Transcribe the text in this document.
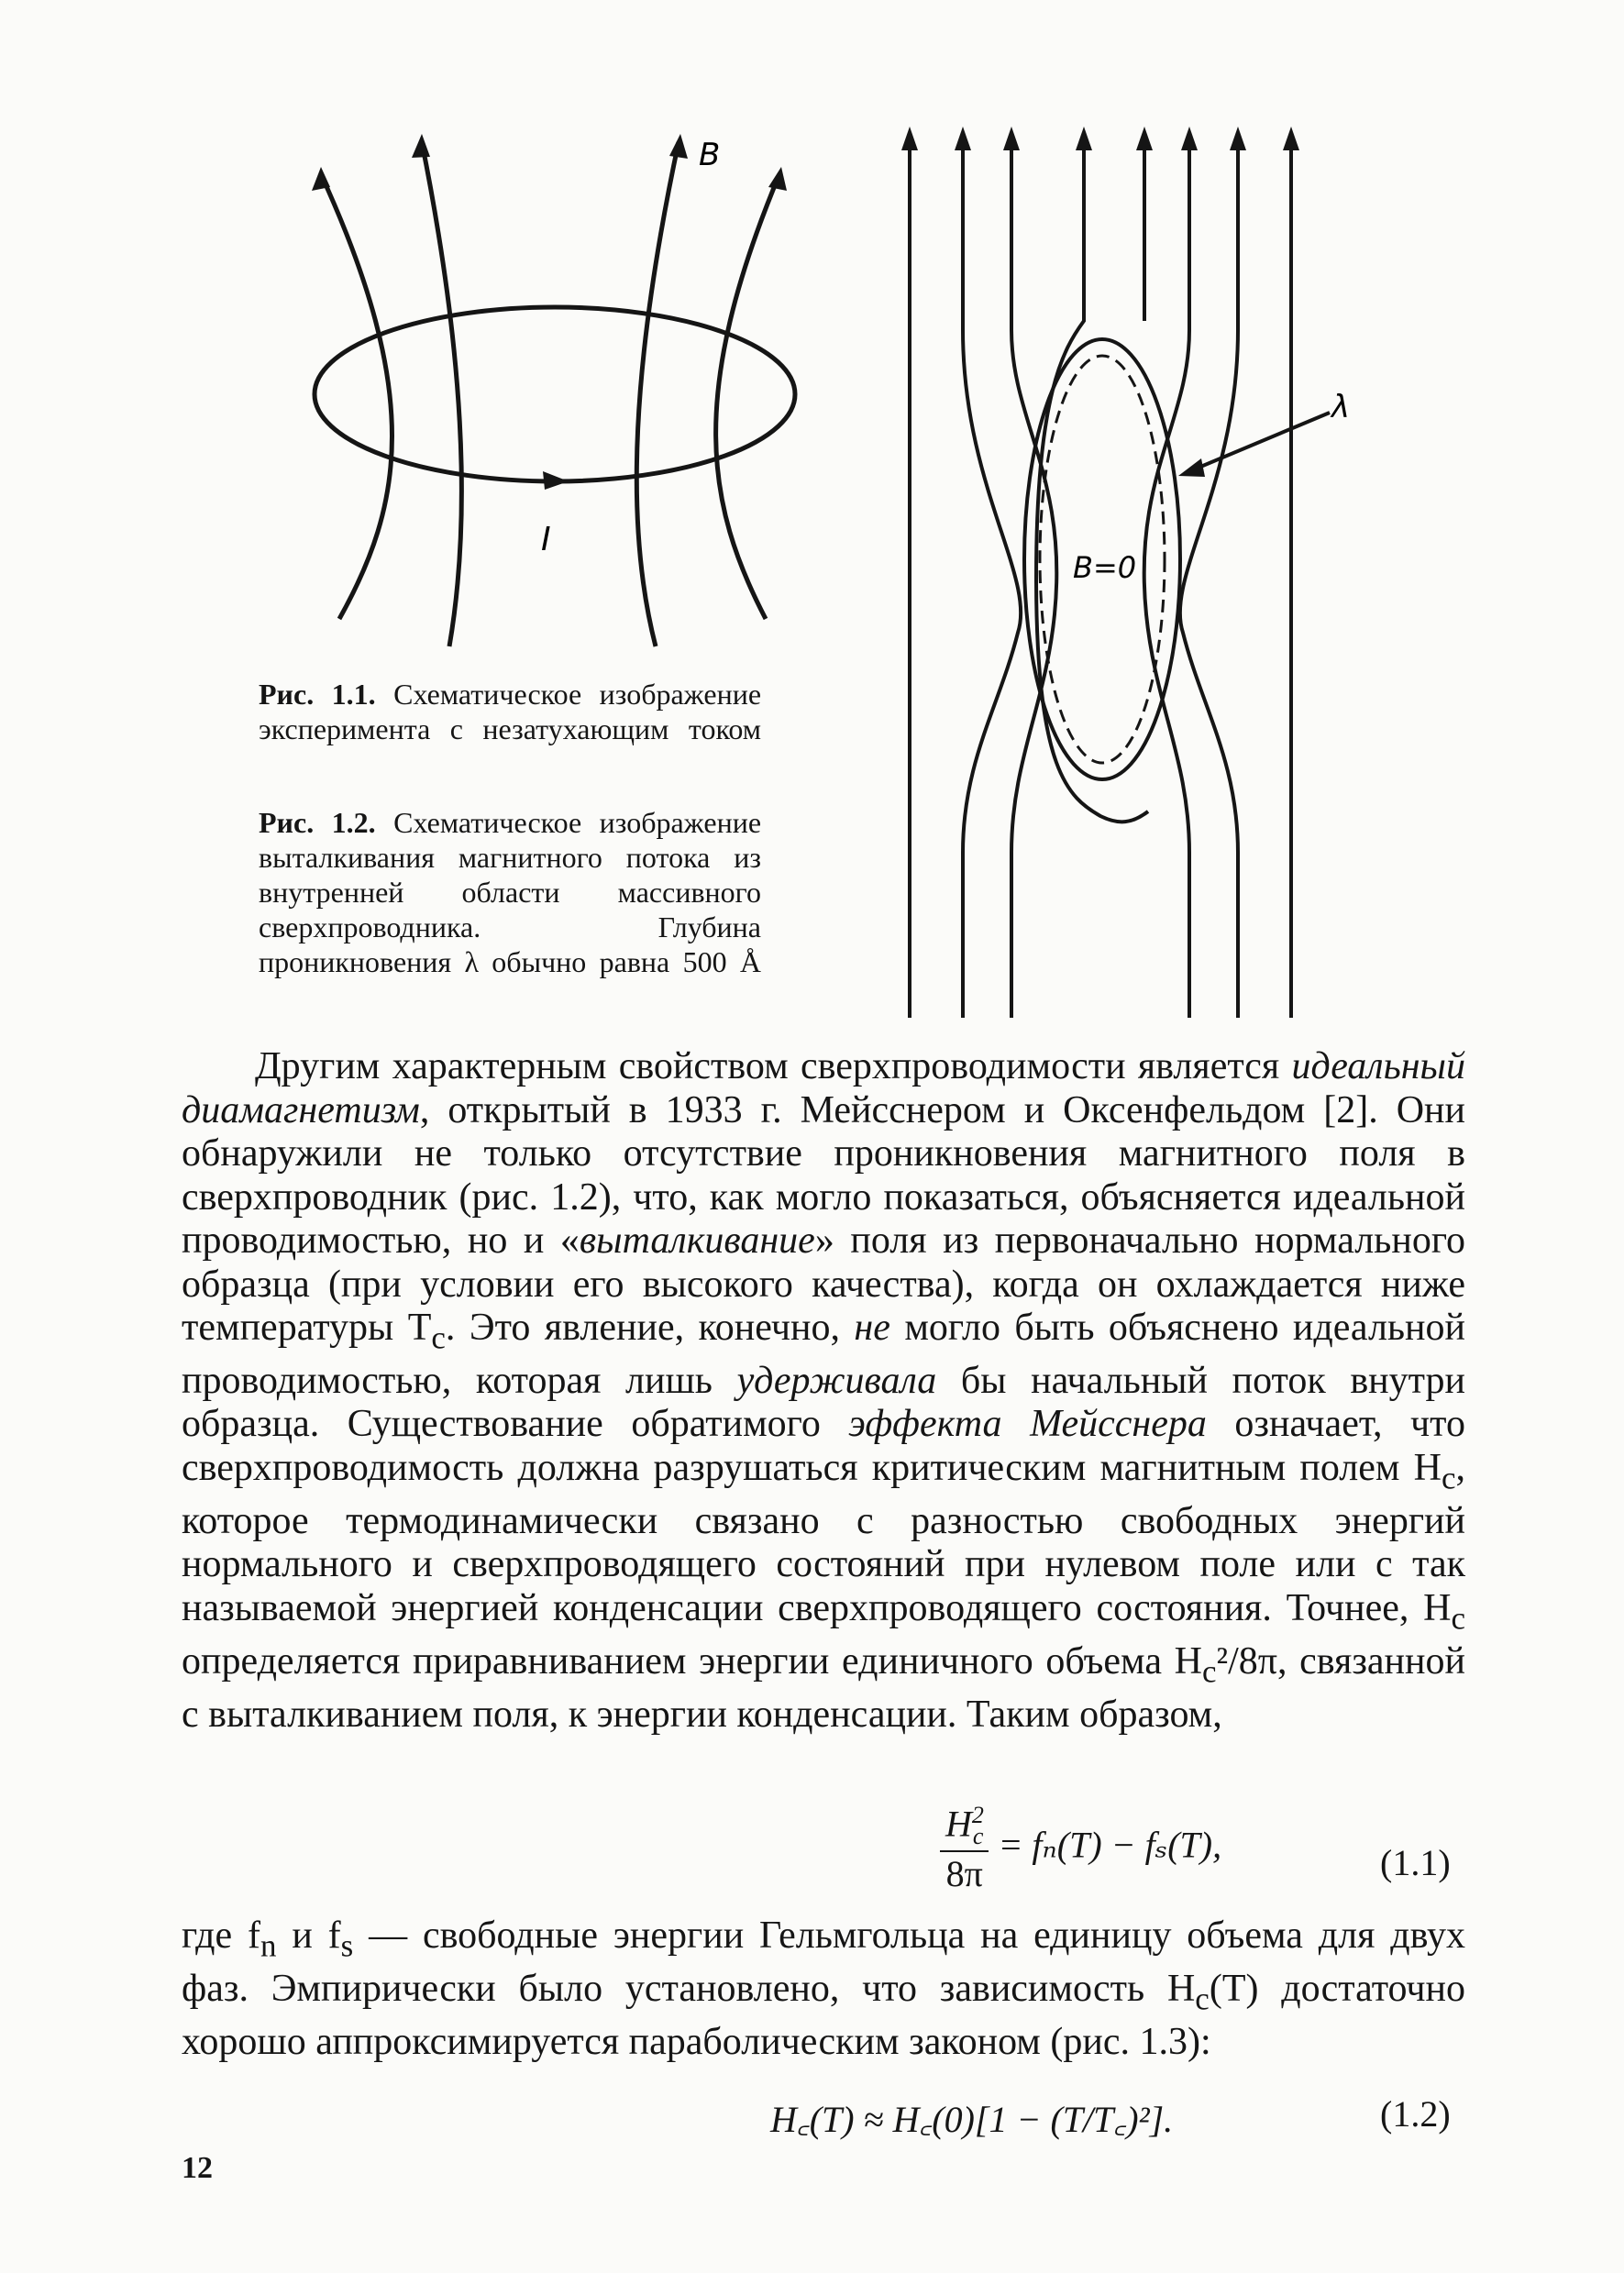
B
I
Рис. 1.1. Схематическое изображение эксперимента с незатухающим током
Рис. 1.2. Схематическое изображение выталкивания магнитного потока из внутренней области массивного сверхпроводника. Глубина проникновения λ обычно равна 500 Å
λ
B=0

Другим характерным свойством сверхпроводимости является идеальный диамагнетизм, открытый в 1933 г. Мейсснером и Оксенфельдом [2]. Они обнаружили не только отсутствие проникновения магнитного поля в сверхпроводник (рис. 1.2), что, как могло показаться, объясняется идеальной проводимостью, но и «выталкивание» поля из первоначально нормального образца (при условии его высокого качества), когда он охлаждается ниже температуры $T_c$. Это явление, конечно, не могло быть объяснено идеальной проводимостью, которая лишь удерживала бы начальный поток внутри образца. Существование обратимого эффекта Мейсснера означает, что сверхпроводимость должна разрушаться критическим магнитным полем $H_c$, которое термодинамически связано с разностью свободных энергий нормального и сверхпроводящего состояний при нулевом поле или с так называемой энергией конденсации сверхпроводящего состояния. Точнее, $H_c$ определяется приравниванием энергии единичного объема $H_c^2/8\pi$, связанной с выталкиванием поля, к энергии конденсации. Таким образом,

$\frac{H^2_c}{8\pi} = f_n(T) - f_s(T)$,	(1.1)

где $f_n$ и $f_s$ — свободные энергии Гельмгольца на единицу объема для двух фаз. Эмпирически было установлено, что зависимость $H_c(T)$ достаточно хорошо аппроксимируется параболическим законом (рис. 1.3):

H꜀(T) ≈ H꜀(0)[1 − (T/T꜀)²].	(1.2)
12
